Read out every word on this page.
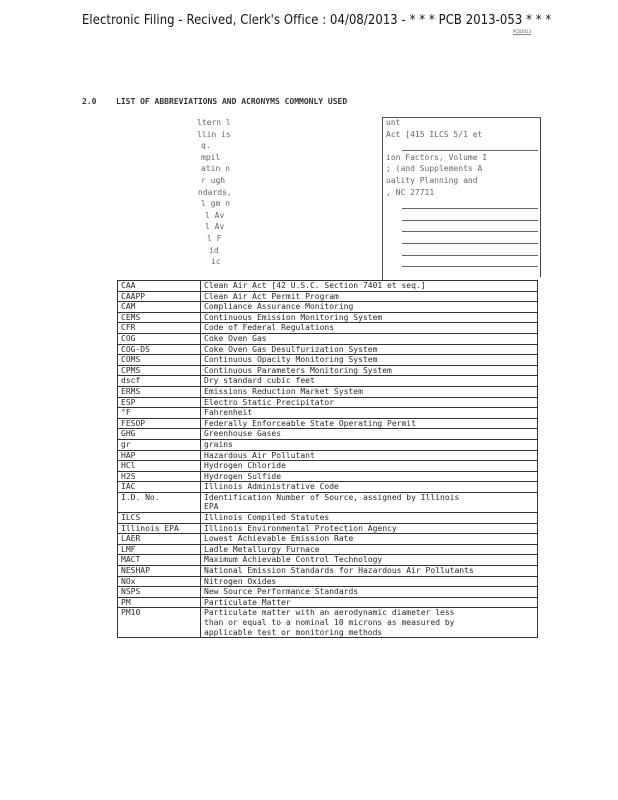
Electronic Filing - Recived, Clerk's Office : 04/08/2013 - * * * PCB 2013-053 * * *
PCB2013
2.0 LIST OF ABBREVIATIONS AND ACRONYMS COMMONLY USED
ltern l	unt
llin is	Act [415 ILCS 5/1 et
q.
mpil	ion Factors, Volume I
atin n	; (and Supplements A
r ugh	uality Planning and
ndards,	, NC 27711
l gm n
l Av
l Av
l F
id
ic
CAA	Clean Air Act [42 U.S.C. Section 7401 et seq.]
CAAPP	Clean Air Act Permit Program
CAM	Compliance Assurance Monitoring
CEMS	Continuous Emission Monitoring System
CFR	Code of Federal Regulations
COG	Coke Oven Gas
COG-DS	Coke Oven Gas Desulfurization System
COMS	Continuous Opacity Monitoring System
CPMS	Continuous Parameters Monitoring System
dscf	Dry standard cubic feet
ERMS	Emissions Reduction Market System
ESP	Electro Static Precipitator
°F	Fahrenheit
FESOP	Federally Enforceable State Operating Permit
GHG	Greenhouse Gases
gr	grains
HAP	Hazardous Air Pollutant
HCl	Hydrogen Chloride
H2S	Hydrogen Sulfide
IAC	Illinois Administrative Code
I.D. No.	Identification Number of Source, assigned by Illinois
EPA

ILCS	Illinois Compiled Statutes
Illinois EPA	Illinois Environmental Protection Agency
LAER	Lowest Achievable Emission Rate
LMF	Ladle Metallurgy Furnace
MACT	Maximum Achievable Control Technology
NESHAP	National Emission Standards for Hazardous Air Pollutants
NOx	Nitrogen Oxides
NSPS	New Source Performance Standards
PM	Particulate Matter
PM10	Particulate matter with an aerodynamic diameter less
than or equal to a nominal 10 microns as measured by
applicable test or monitoring methods
